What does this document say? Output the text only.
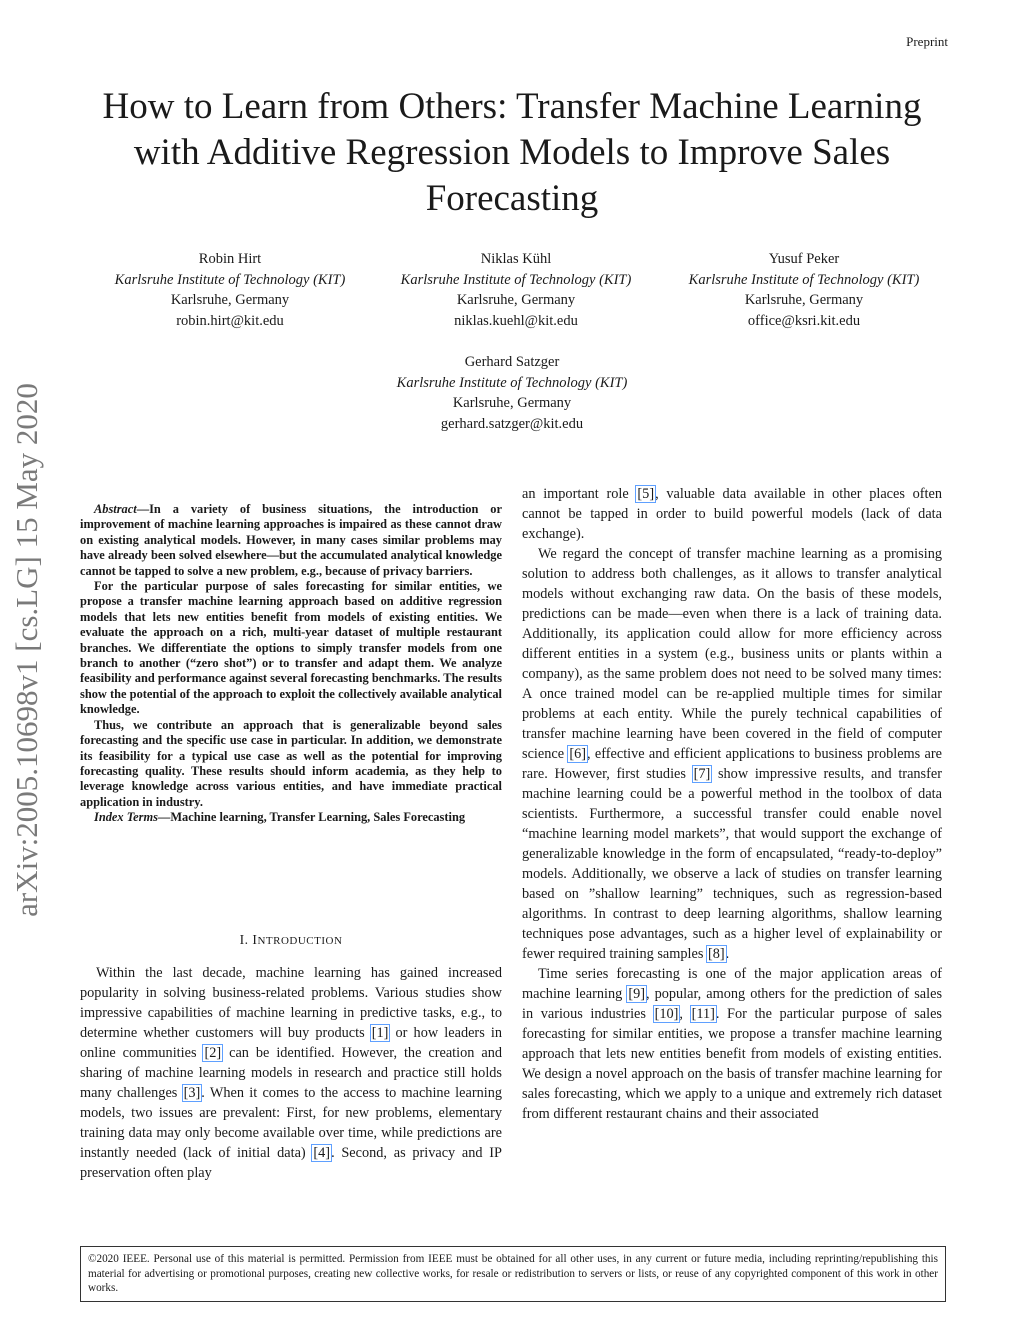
Preprint
arXiv:2005.10698v1 [cs.LG] 15 May 2020
How to Learn from Others: Transfer Machine Learning with Additive Regression Models to Improve Sales Forecasting
Robin Hirt
Karlsruhe Institute of Technology (KIT)
Karlsruhe, Germany
robin.hirt@kit.edu
Niklas Kühl
Karlsruhe Institute of Technology (KIT)
Karlsruhe, Germany
niklas.kuehl@kit.edu
Yusuf Peker
Karlsruhe Institute of Technology (KIT)
Karlsruhe, Germany
office@ksri.kit.edu
Gerhard Satzger
Karlsruhe Institute of Technology (KIT)
Karlsruhe, Germany
gerhard.satzger@kit.edu

Abstract—In a variety of business situations, the introduction or improvement of machine learning approaches is impaired as these cannot draw on existing analytical models. However, in many cases similar problems may have already been solved elsewhere—but the accumulated analytical knowledge cannot be tapped to solve a new problem, e.g., because of privacy barriers.

For the particular purpose of sales forecasting for similar entities, we propose a transfer machine learning approach based on additive regression models that lets new entities benefit from models of existing entities. We evaluate the approach on a rich, multi-year dataset of multiple restaurant branches. We differentiate the options to simply transfer models from one branch to another (“zero shot”) or to transfer and adapt them. We analyze feasibility and performance against several forecasting benchmarks. The results show the potential of the approach to exploit the collectively available analytical knowledge.

Thus, we contribute an approach that is generalizable beyond sales forecasting and the specific use case in particular. In addition, we demonstrate its feasibility for a typical use case as well as the potential for improving forecasting quality. These results should inform academia, as they help to leverage knowledge across various entities, and have immediate practical application in industry.

Index Terms—Machine learning, Transfer Learning, Sales Forecasting

I. INTRODUCTION

Within the last decade, machine learning has gained increased popularity in solving business-related problems. Various studies show impressive capabilities of machine learning in predictive tasks, e.g., to determine whether customers will buy products [1] or how leaders in online communities [2] can be identified. However, the creation and sharing of machine learning models in research and practice still holds many challenges [3]. When it comes to the access to machine learning models, two issues are prevalent: First, for new problems, elementary training data may only become available over time, while predictions are instantly needed (lack of initial data) [4]. Second, as privacy and IP preservation often play

an important role [5], valuable data available in other places often cannot be tapped in order to build powerful models (lack of data exchange).

We regard the concept of transfer machine learning as a promising solution to address both challenges, as it allows to transfer analytical models without exchanging raw data. On the basis of these models, predictions can be made—even when there is a lack of training data. Additionally, its application could allow for more efficiency across different entities in a system (e.g., business units or plants within a company), as the same problem does not need to be solved many times: A once trained model can be re-applied multiple times for similar problems at each entity. While the purely technical capabilities of transfer machine learning have been covered in the field of computer science [6], effective and efficient applications to business problems are rare. However, first studies [7] show impressive results, and transfer machine learning could be a powerful method in the toolbox of data scientists. Furthermore, a successful transfer could enable novel “machine learning model markets”, that would support the exchange of generalizable knowledge in the form of encapsulated, “ready-to-deploy” models. Additionally, we observe a lack of studies on transfer learning based on ”shallow learning” techniques, such as regression-based algorithms. In contrast to deep learning algorithms, shallow learning techniques pose advantages, such as a higher level of explainability or fewer required training samples [8].

Time series forecasting is one of the major application areas of machine learning [9], popular, among others for the prediction of sales in various industries [10], [11]. For the particular purpose of sales forecasting for similar entities, we propose a transfer machine learning approach that lets new entities benefit from models of existing entities. We design a novel approach on the basis of transfer machine learning for sales forecasting, which we apply to a unique and extremely rich dataset from different restaurant chains and their associated

©2020 IEEE. Personal use of this material is permitted. Permission from IEEE must be obtained for all other uses, in any current or future media, including reprinting/republishing this material for advertising or promotional purposes, creating new collective works, for resale or redistribution to servers or lists, or reuse of any copyrighted component of this work in other works.
